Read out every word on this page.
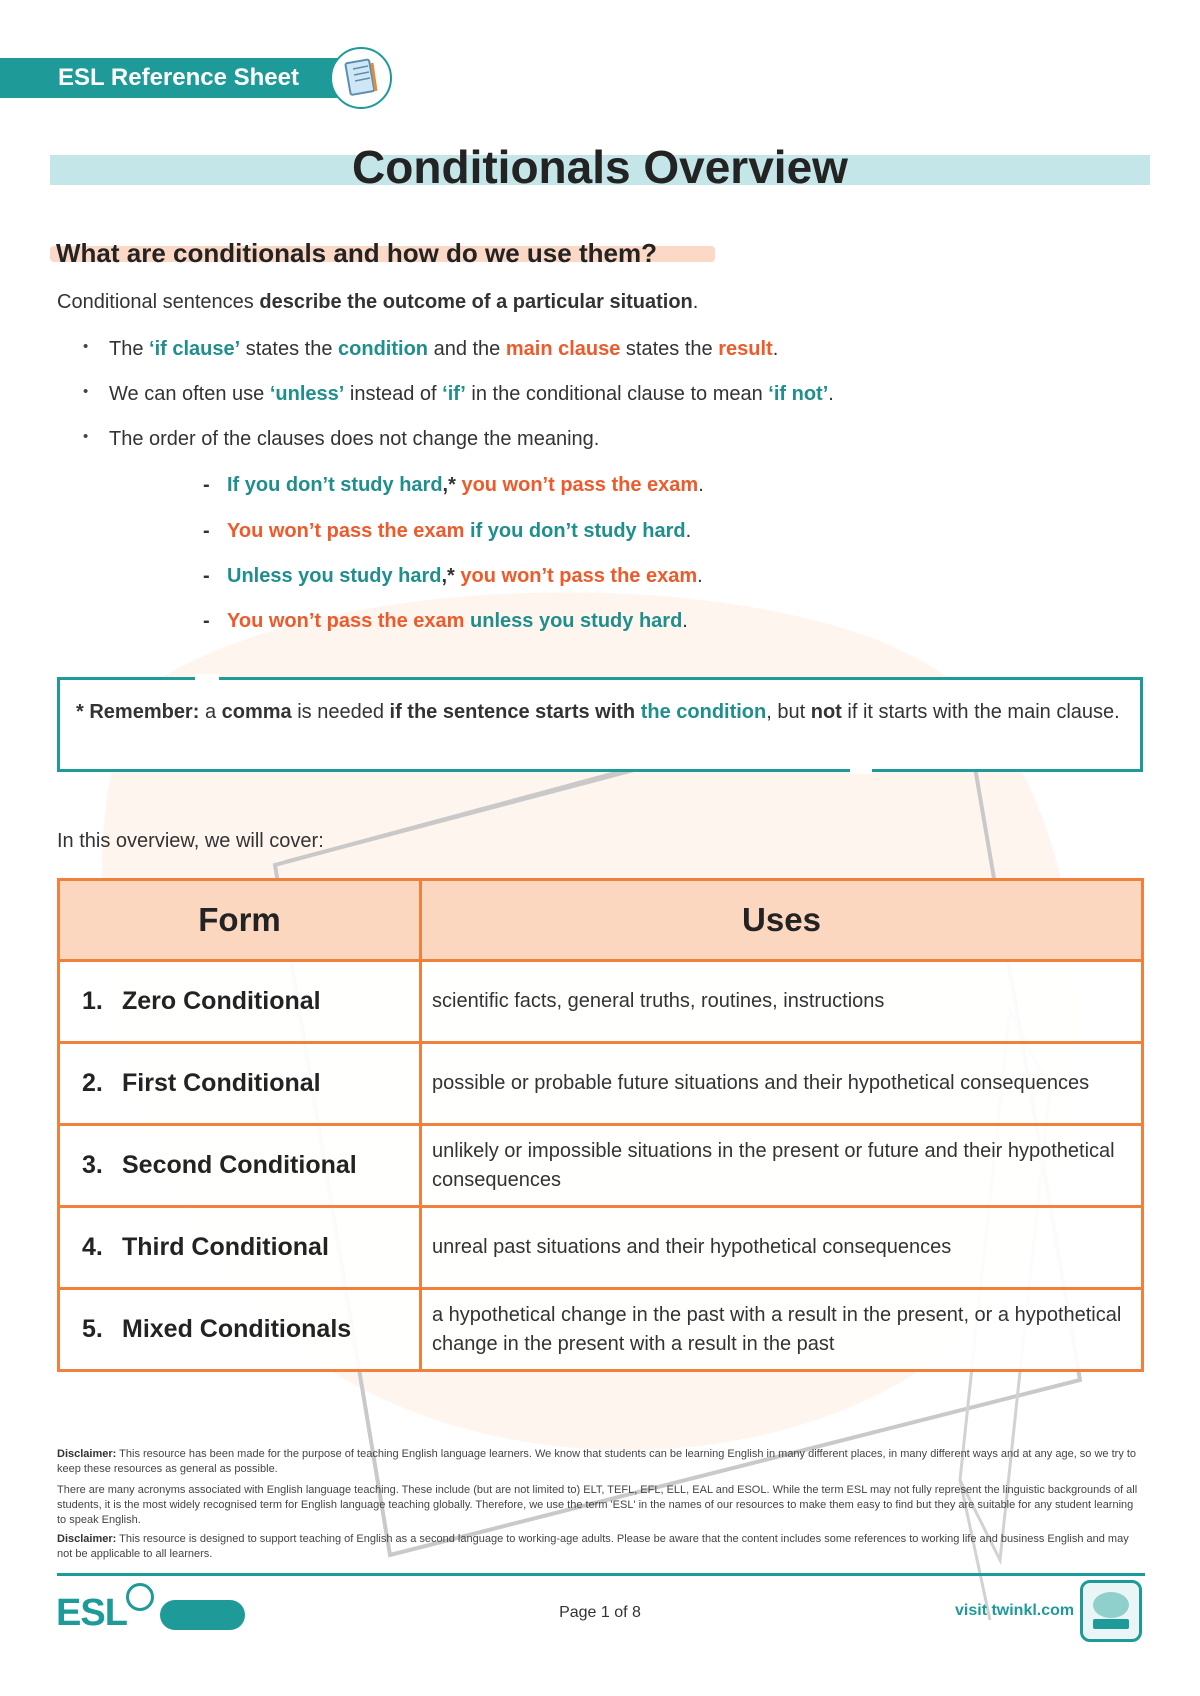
ESL Reference Sheet
Conditionals Overview
What are conditionals and how do we use them?
Conditional sentences describe the outcome of a particular situation.
• The ‘if clause’ states the condition and the main clause states the result.
• We can often use ‘unless’ instead of ‘if’ in the conditional clause to mean ‘if not’.
• The order of the clauses does not change the meaning.
- If you don’t study hard,* you won’t pass the exam.
- You won’t pass the exam if you don’t study hard.
- Unless you study hard,* you won’t pass the exam.
- You won’t pass the exam unless you study hard.
* Remember: a comma is needed if the sentence starts with the condition, but not if it starts with the main clause.
In this overview, we will cover:
Form	Uses
1. Zero Conditional	scientific facts, general truths, routines, instructions
2. First Conditional	possible or probable future situations and their hypothetical consequences
3. Second Conditional	unlikely or impossible situations in the present or future and their hypothetical consequences
4. Third Conditional	unreal past situations and their hypothetical consequences
5. Mixed Conditionals	a hypothetical change in the past with a result in the present, or a hypothetical change in the present with a result in the past
Disclaimer: This resource has been made for the purpose of teaching English language learners. We know that students can be learning English in many different places, in many different ways and at any age, so we try to keep these resources as general as possible.
There are many acronyms associated with English language teaching. These include (but are not limited to) ELT, TEFL, EFL, ELL, EAL and ESOL. While the term ESL may not fully represent the linguistic backgrounds of all students, it is the most widely recognised term for English language teaching globally. Therefore, we use the term 'ESL' in the names of our resources to make them easy to find but they are suitable for any student learning to speak English.
Disclaimer: This resource is designed to support teaching of English as a second language to working-age adults. Please be aware that the content includes some references to working life and business English and may not be applicable to all learners.
ESL	Page 1 of 8	visit twinkl.com
